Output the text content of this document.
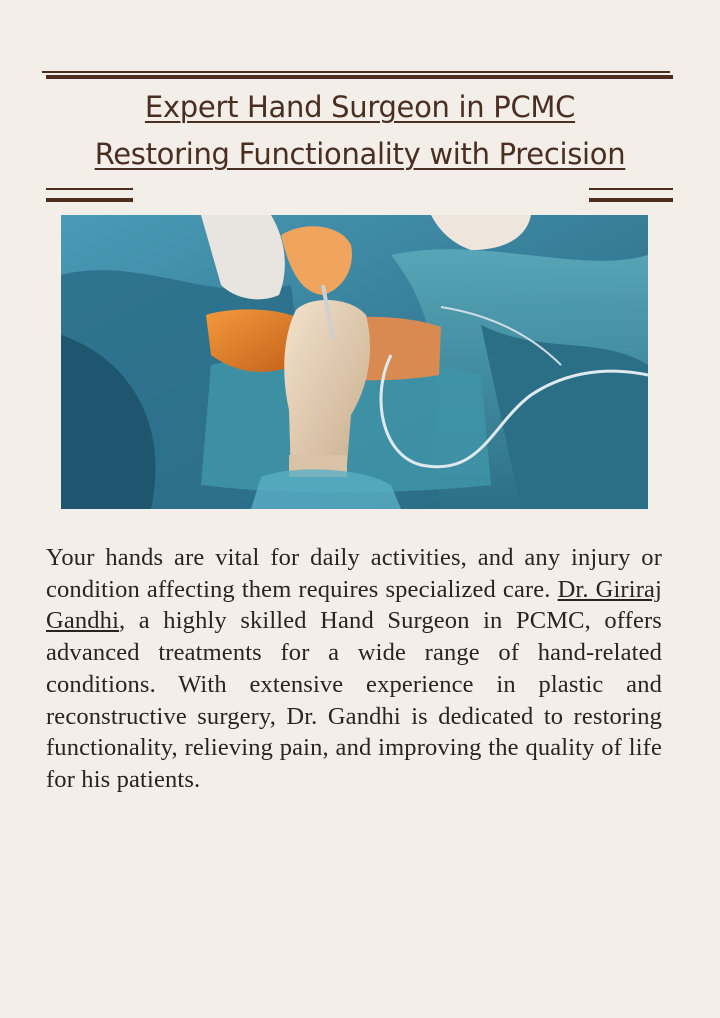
Expert Hand Surgeon in PCMC
Restoring Functionality with Precision

Your hands are vital for daily activities, and any injury or condition affecting them requires specialized care. Dr. Giriraj Gandhi, a highly skilled Hand Surgeon in PCMC, offers advanced treatments for a wide range of hand-related conditions. With extensive experience in plastic and reconstructive surgery, Dr. Gandhi is dedicated to restoring functionality, relieving pain, and improving the quality of life for his patients.
